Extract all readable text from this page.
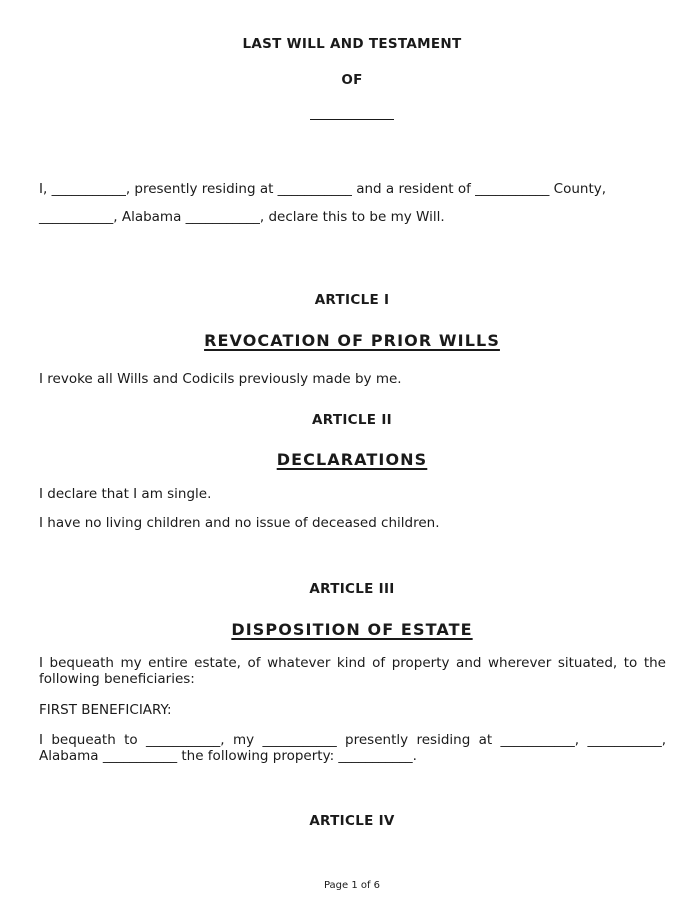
LAST WILL AND TESTAMENT
OF
I, ___________, presently residing at ___________ and a resident of ___________ County,
___________, Alabama ___________, declare this to be my Will.
ARTICLE I
REVOCATION OF PRIOR WILLS
I revoke all Wills and Codicils previously made by me.
ARTICLE II
DECLARATIONS
I declare that I am single.
I have no living children and no issue of deceased children.
ARTICLE III
DISPOSITION OF ESTATE
I bequeath my entire estate, of whatever kind of property and wherever situated, to the following beneficiaries:
FIRST BENEFICIARY:
I bequeath to ___________, my ___________ presently residing at ___________, ___________, Alabama ___________ the following property: ___________.
ARTICLE IV
Page 1 of 6
